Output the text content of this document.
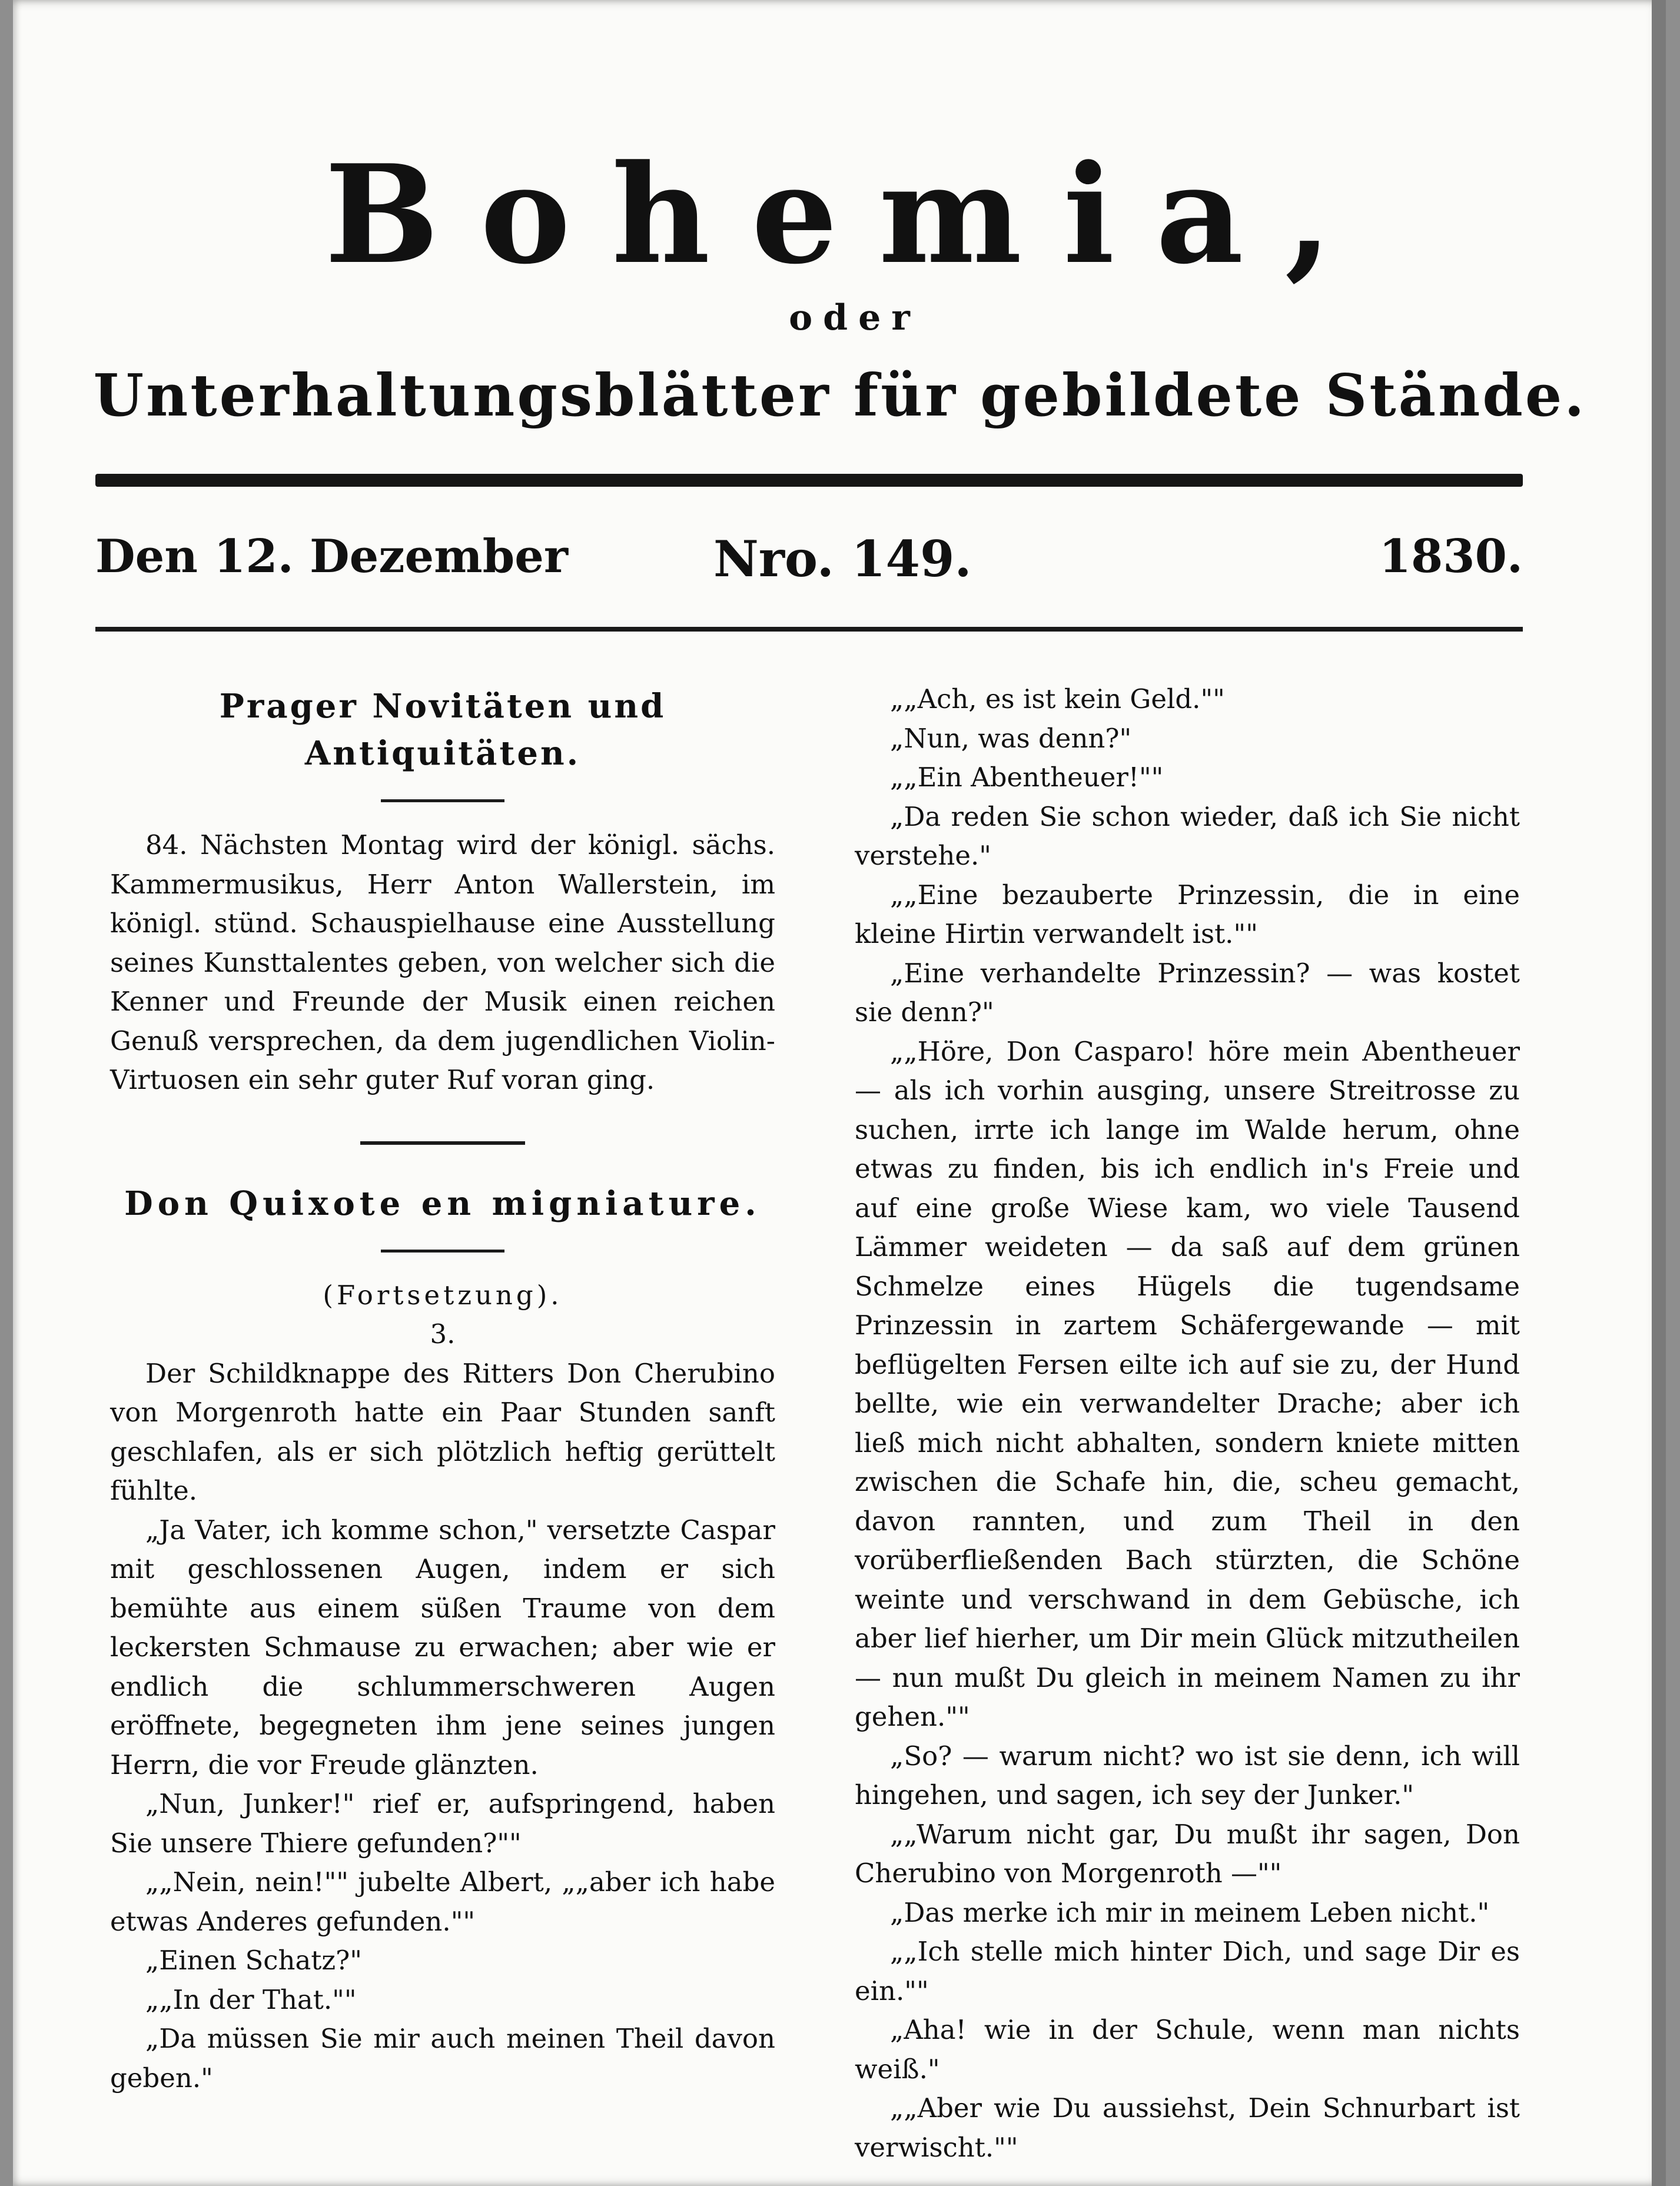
Bohemia,
oder
Unterhaltungsblätter für gebildete Stände.
Den 12. Dezember	Nro. 149.	1830.

Prager Novitäten und Antiquitäten.

84. Nächsten Montag wird der königl. sächs. Kammermusikus, Herr Anton Wallerstein, im königl. stünd. Schauspielhause eine Ausstellung seines Kunsttalentes geben, von welcher sich die Kenner und Freunde der Musik einen reichen Genuß versprechen, da dem jugendlichen Violin-Virtuosen ein sehr guter Ruf voran ging.

Don Quixote en migniature.

(Fortsetzung).

3.

Der Schildknappe des Ritters Don Cherubino von Morgenroth hatte ein Paar Stunden sanft geschlafen, als er sich plötzlich heftig gerüttelt fühlte.

„Ja Vater, ich komme schon," versetzte Caspar mit geschlossenen Augen, indem er sich bemühte aus einem süßen Traume von dem leckersten Schmause zu erwachen; aber wie er endlich die schlummerschweren Augen eröffnete, begegneten ihm jene seines jungen Herrn, die vor Freude glänzten.

„Nun, Junker!" rief er, aufspringend, haben Sie unsere Thiere gefunden?""

„„Nein, nein!"" jubelte Albert, „„aber ich habe etwas Anderes gefunden.""

„Einen Schatz?"

„„In der That.""

„Da müssen Sie mir auch meinen Theil davon geben."

„„Ach, es ist kein Geld.""

„Nun, was denn?"

„„Ein Abentheuer!""

„Da reden Sie schon wieder, daß ich Sie nicht verstehe."

„„Eine bezauberte Prinzessin, die in eine kleine Hirtin verwandelt ist.""

„Eine verhandelte Prinzessin? — was kostet sie denn?"

„„Höre, Don Casparo! höre mein Abentheuer — als ich vorhin ausging, unsere Streitrosse zu suchen, irrte ich lange im Walde herum, ohne etwas zu finden, bis ich endlich in's Freie und auf eine große Wiese kam, wo viele Tausend Lämmer weideten — da saß auf dem grünen Schmelze eines Hügels die tugendsame Prinzessin in zartem Schäfergewande — mit beflügelten Fersen eilte ich auf sie zu, der Hund bellte, wie ein verwandelter Drache; aber ich ließ mich nicht abhalten, sondern kniete mitten zwischen die Schafe hin, die, scheu gemacht, davon rannten, und zum Theil in den vorüberfließenden Bach stürzten, die Schöne weinte und verschwand in dem Gebüsche, ich aber lief hierher, um Dir mein Glück mitzutheilen — nun mußt Du gleich in meinem Namen zu ihr gehen.""

„So? — warum nicht? wo ist sie denn, ich will hingehen, und sagen, ich sey der Junker."

„„Warum nicht gar, Du mußt ihr sagen, Don Cherubino von Morgenroth —""

„Das merke ich mir in meinem Leben nicht."

„„Ich stelle mich hinter Dich, und sage Dir es ein.""

„Aha! wie in der Schule, wenn man nichts weiß."

„„Aber wie Du aussiehst, Dein Schnurbart ist verwischt.""
